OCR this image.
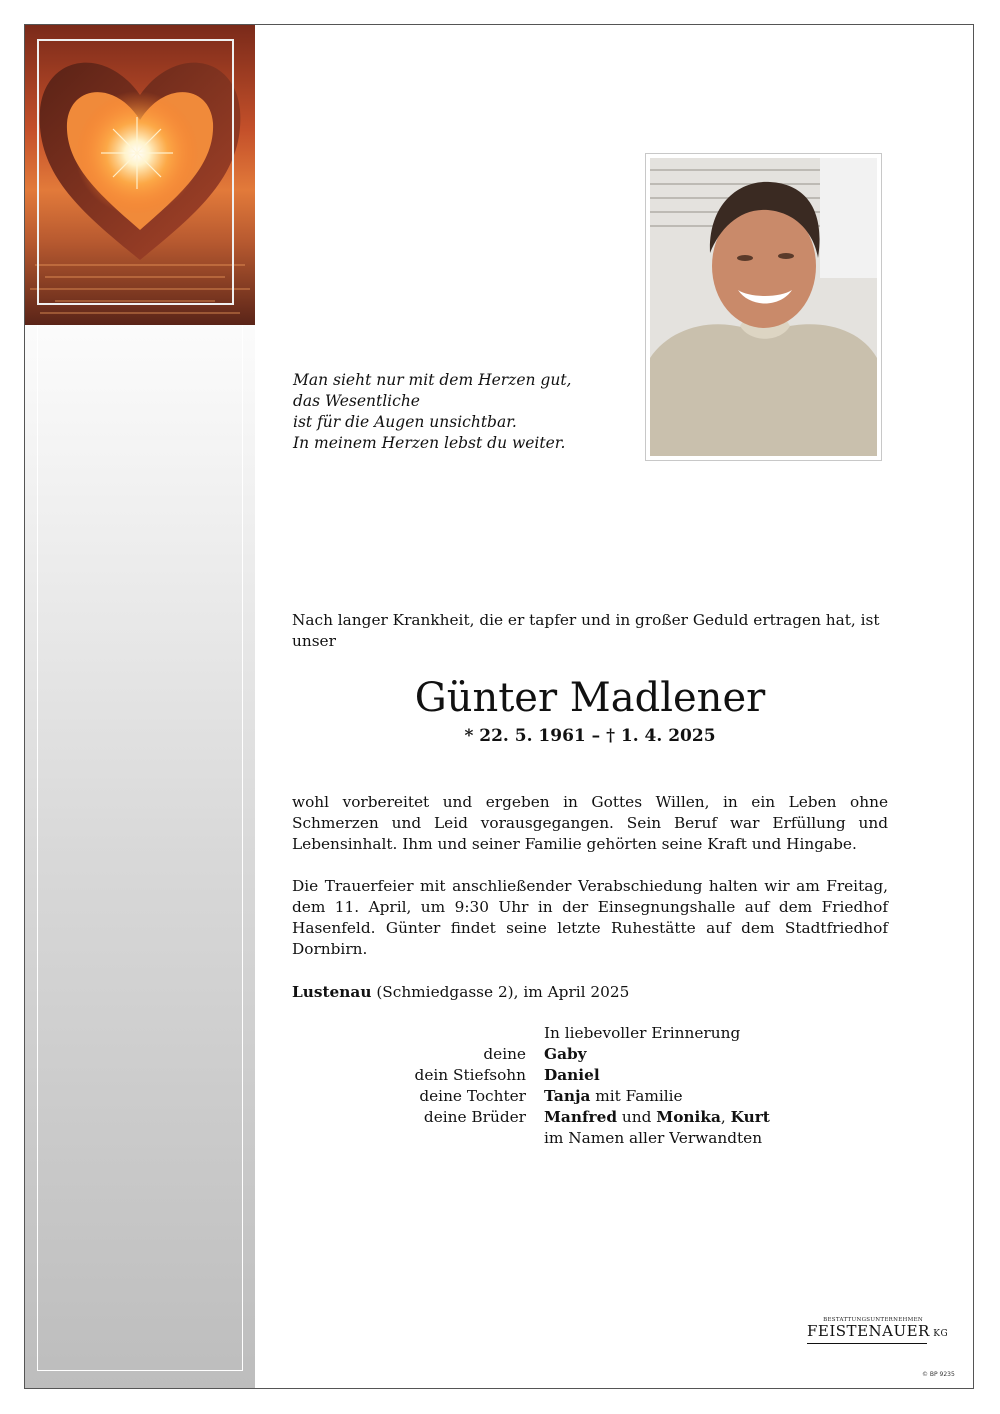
Man sieht nur mit dem Herzen gut,
das Wesentliche
ist für die Augen unsichtbar.
In meinem Herzen lebst du weiter.
Nach langer Krankheit, die er tapfer und in großer Geduld ertragen hat, ist unser
Günter Madlener
* 22. 5. 1961 – † 1. 4. 2025
wohl vorbereitet und ergeben in Gottes Willen, in ein Leben ohne Schmerzen und Leid vorausgegangen. Sein Beruf war Erfüllung und Lebensinhalt. Ihm und seiner Familie gehörten seine Kraft und Hingabe.
Die Trauerfeier mit anschließender Verabschiedung halten wir am Freitag, dem 11. April, um 9:30 Uhr in der Einsegnungshalle auf dem Friedhof Hasenfeld. Günter findet seine letzte Ruhestätte auf dem Stadtfriedhof Dornbirn.
Lustenau (Schmiedgasse 2), im April 2025
In liebevoller Erinnerung
deine	Gaby
dein Stiefsohn	Daniel
deine Tochter	Tanja mit Familie
deine Brüder	Manfred und Monika, Kurt
im Namen aller Verwandten
BESTATTUNGSUNTERNEHMEN
FEISTENAUER KG
© BP 9235
